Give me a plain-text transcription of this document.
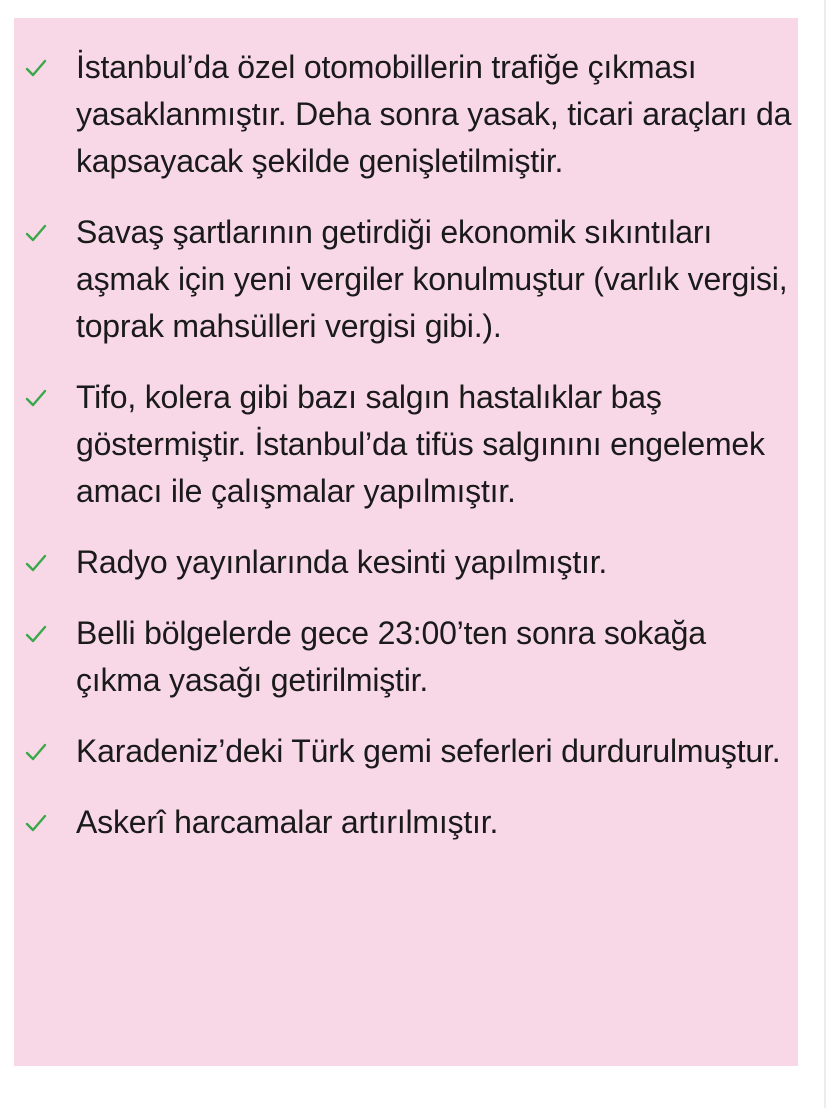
İstanbul’da özel otomobillerin trafiğe çıkması yasaklanmıştır. Deha sonra yasak, ticari araçları da kapsayacak şekilde genişletilmiştir.
Savaş şartlarının getirdiği ekonomik sıkıntıları aşmak için yeni vergiler konulmuştur (varlık vergisi, toprak mahsülleri vergisi gibi.).
Tifo, kolera gibi bazı salgın hastalıklar baş göstermiştir. İstanbul’da tifüs salgınını engelemek amacı ile çalışmalar yapılmıştır.
Radyo yayınlarında kesinti yapılmıştır.
Belli bölgelerde gece 23:00’ten sonra sokağa çıkma yasağı getirilmiştir.
Karadeniz’deki Türk gemi seferleri durdurulmuştur.
Askerî harcamalar artırılmıştır.
